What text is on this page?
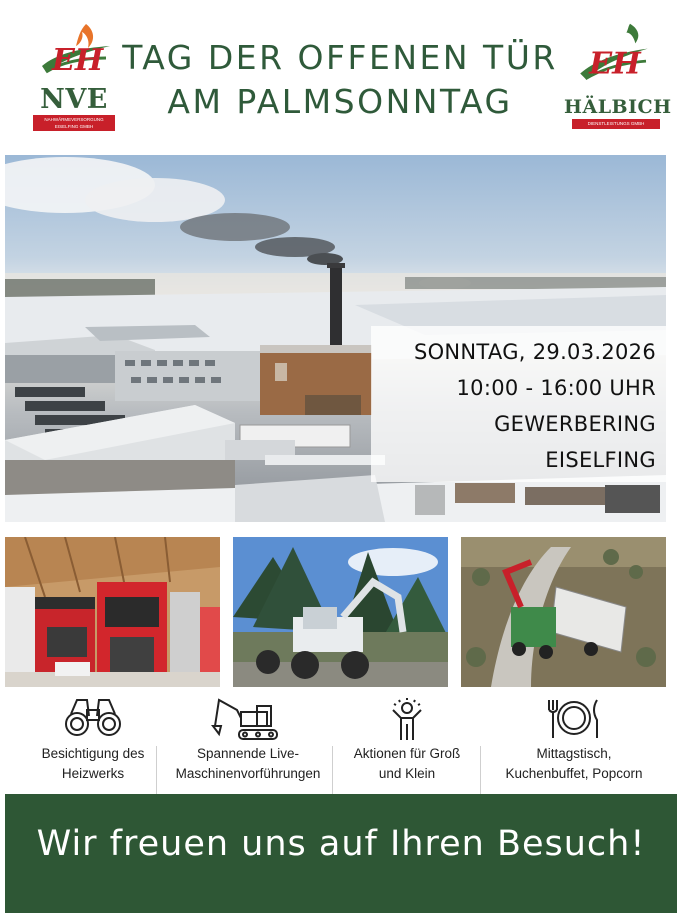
EH
NVE
NAHWÄRMEVERSORGUNG
EISELFING GMBH
TAG DER OFFENEN TÜR
AM PALMSONNTAG
EH
HÄLBICH
DIENSTLEISTUNGS GMBH
SONNTAG, 29.03.2026
10:00 - 16:00 UHR
GEWERBERING
EISELFING
Besichtigung des
Heizwerks
Spannende Live-
Maschinenvorführungen
Aktionen für Groß
und Klein
Mittagstisch,
Kuchenbuffet, Popcorn
Wir freuen uns auf Ihren Besuch!
